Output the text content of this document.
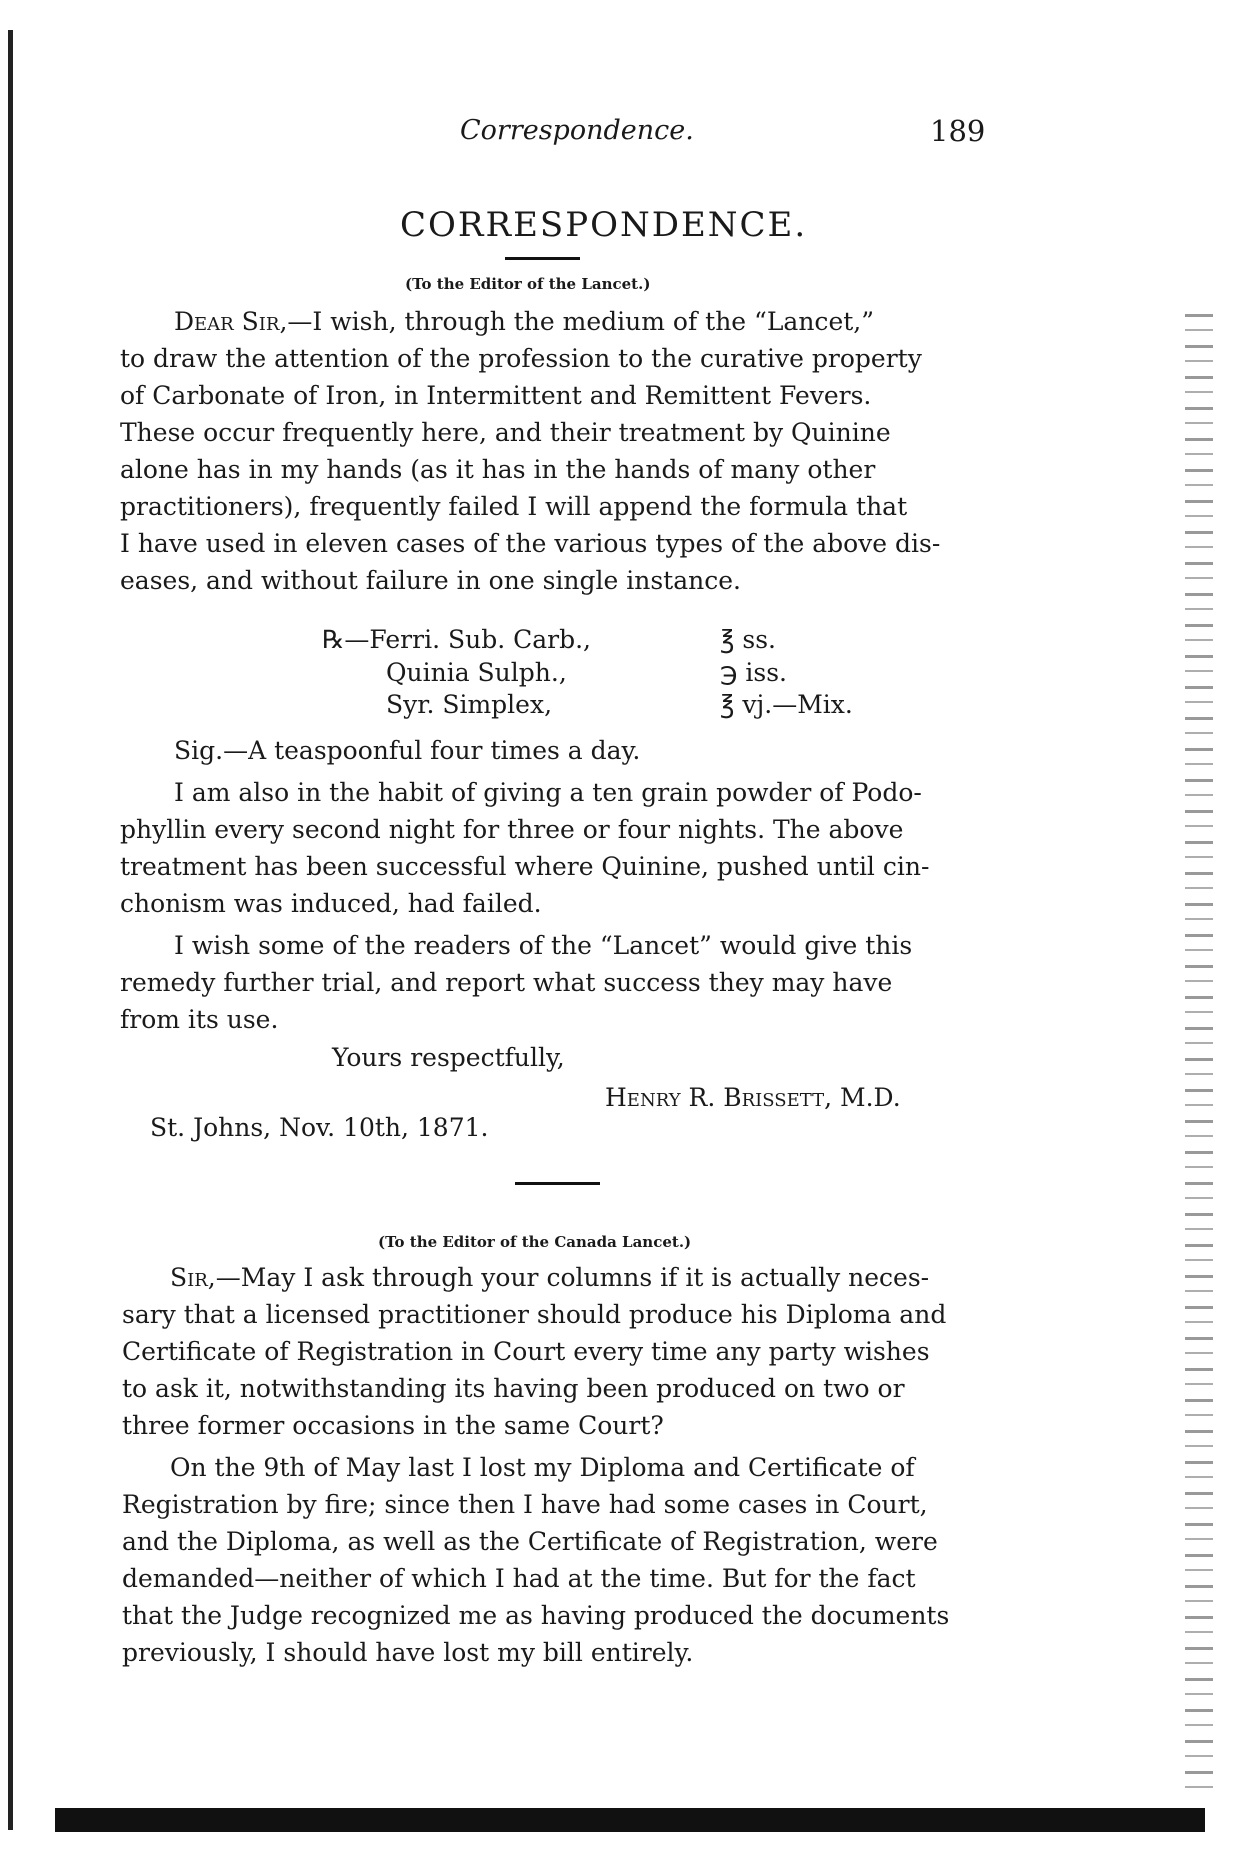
Correspondence.	189
CORRESPONDENCE.
(To the Editor of the Lancet.)
Dear Sir,—I wish, through the medium of the “Lancet,”
to draw the attention of the profession to the curative property
of Carbonate of Iron, in Intermittent and Remittent Fevers.
These occur frequently here, and their treatment by Quinine
alone has in my hands (as it has in the hands of many other
practitioners), frequently failed I will append the formula that
I have used in eleven cases of the various types of the above dis-
eases, and without failure in one single instance.
℞—Ferri. Sub. Carb.,	℥ ss.
Quinia Sulph.,	℈ iss.
Syr. Simplex,	℥ vj.—Mix.
Sig.—A teaspoonful four times a day.
I am also in the habit of giving a ten grain powder of Podo-
phyllin every second night for three or four nights. The above
treatment has been successful where Quinine, pushed until cin-
chonism was induced, had failed.
I wish some of the readers of the “Lancet” would give this
remedy further trial, and report what success they may have
from its use.
Yours respectfully,
Henry R. Brissett, M.D.
St. Johns, Nov. 10th, 1871.
(To the Editor of the Canada Lancet.)
Sir,—May I ask through your columns if it is actually neces-
sary that a licensed practitioner should produce his Diploma and
Certificate of Registration in Court every time any party wishes
to ask it, notwithstanding its having been produced on two or
three former occasions in the same Court?
On the 9th of May last I lost my Diploma and Certificate of
Registration by fire; since then I have had some cases in Court,
and the Diploma, as well as the Certificate of Registration, were
demanded—neither of which I had at the time. But for the fact
that the Judge recognized me as having produced the documents
previously, I should have lost my bill entirely.
